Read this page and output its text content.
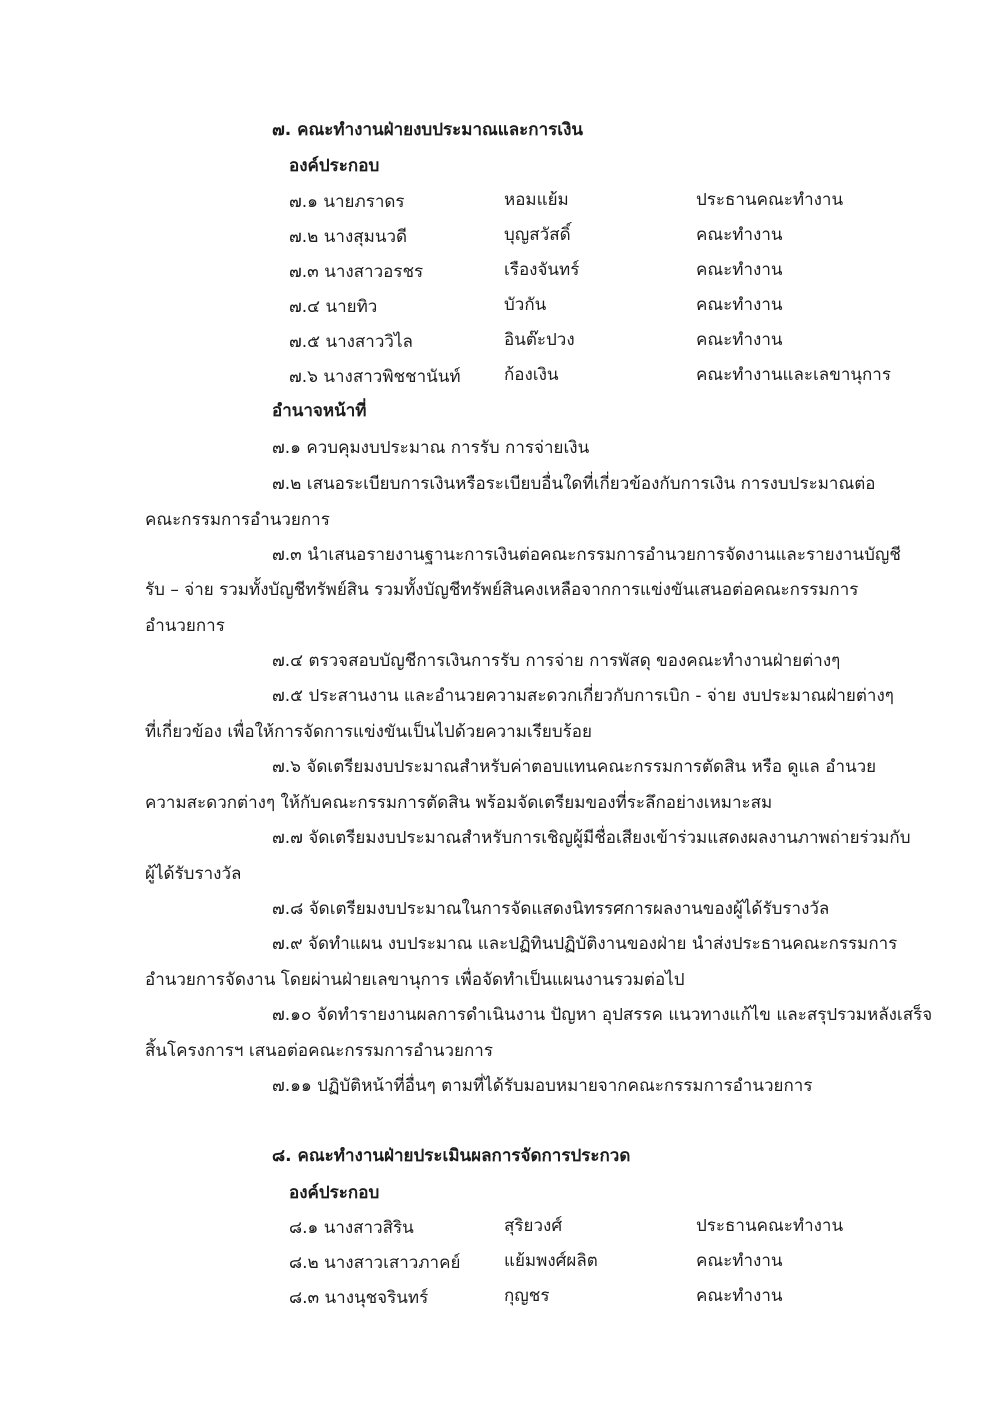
๗. คณะทำงานฝ่ายงบประมาณและการเงิน
องค์ประกอบ
๗.๑ นายภราดร	หอมแย้ม	ประธานคณะทำงาน
๗.๒ นางสุมนวดี	บุญสวัสดิ์	คณะทำงาน
๗.๓ นางสาวอรชร	เรืองจันทร์	คณะทำงาน
๗.๔ นายทิว	บัวกัน	คณะทำงาน
๗.๕ นางสาววิไล	อินต๊ะปวง	คณะทำงาน
๗.๖ นางสาวพิชชานันท์	ก้องเงิน	คณะทำงานและเลขานุการ
อำนาจหน้าที่
๗.๑ ควบคุมงบประมาณ การรับ การจ่ายเงิน
๗.๒ เสนอระเบียบการเงินหรือระเบียบอื่นใดที่เกี่ยวข้องกับการเงิน การงบประมาณต่อ
คณะกรรมการอำนวยการ
๗.๓ นำเสนอรายงานฐานะการเงินต่อคณะกรรมการอำนวยการจัดงานและรายงานบัญชี
รับ – จ่าย รวมทั้งบัญชีทรัพย์สิน รวมทั้งบัญชีทรัพย์สินคงเหลือจากการแข่งขันเสนอต่อคณะกรรมการ
อำนวยการ
๗.๔ ตรวจสอบบัญชีการเงินการรับ การจ่าย การพัสดุ ของคณะทำงานฝ่ายต่างๆ
๗.๕ ประสานงาน และอำนวยความสะดวกเกี่ยวกับการเบิก - จ่าย งบประมาณฝ่ายต่างๆ
ที่เกี่ยวข้อง เพื่อให้การจัดการแข่งขันเป็นไปด้วยความเรียบร้อย
๗.๖ จัดเตรียมงบประมาณสำหรับค่าตอบแทนคณะกรรมการตัดสิน หรือ ดูแล อำนวย
ความสะดวกต่างๆ ให้กับคณะกรรมการตัดสิน พร้อมจัดเตรียมของที่ระลึกอย่างเหมาะสม
๗.๗ จัดเตรียมงบประมาณสำหรับการเชิญผู้มีชื่อเสียงเข้าร่วมแสดงผลงานภาพถ่ายร่วมกับ
ผู้ได้รับรางวัล
๗.๘ จัดเตรียมงบประมาณในการจัดแสดงนิทรรศการผลงานของผู้ได้รับรางวัล
๗.๙ จัดทำแผน งบประมาณ และปฏิทินปฏิบัติงานของฝ่าย นำส่งประธานคณะกรรมการ
อำนวยการจัดงาน โดยผ่านฝ่ายเลขานุการ เพื่อจัดทำเป็นแผนงานรวมต่อไป
๗.๑๐ จัดทำรายงานผลการดำเนินงาน ปัญหา อุปสรรค แนวทางแก้ไข และสรุปรวมหลังเสร็จ
สิ้นโครงการฯ เสนอต่อคณะกรรมการอำนวยการ
๗.๑๑ ปฏิบัติหน้าที่อื่นๆ ตามที่ได้รับมอบหมายจากคณะกรรมการอำนวยการ
๘. คณะทำงานฝ่ายประเมินผลการจัดการประกวด
องค์ประกอบ
๘.๑ นางสาวสิริน	สุริยวงศ์	ประธานคณะทำงาน
๘.๒ นางสาวเสาวภาคย์	แย้มพงศ์ผลิต	คณะทำงาน
๘.๓ นางนุชจรินทร์	กุญชร	คณะทำงาน
